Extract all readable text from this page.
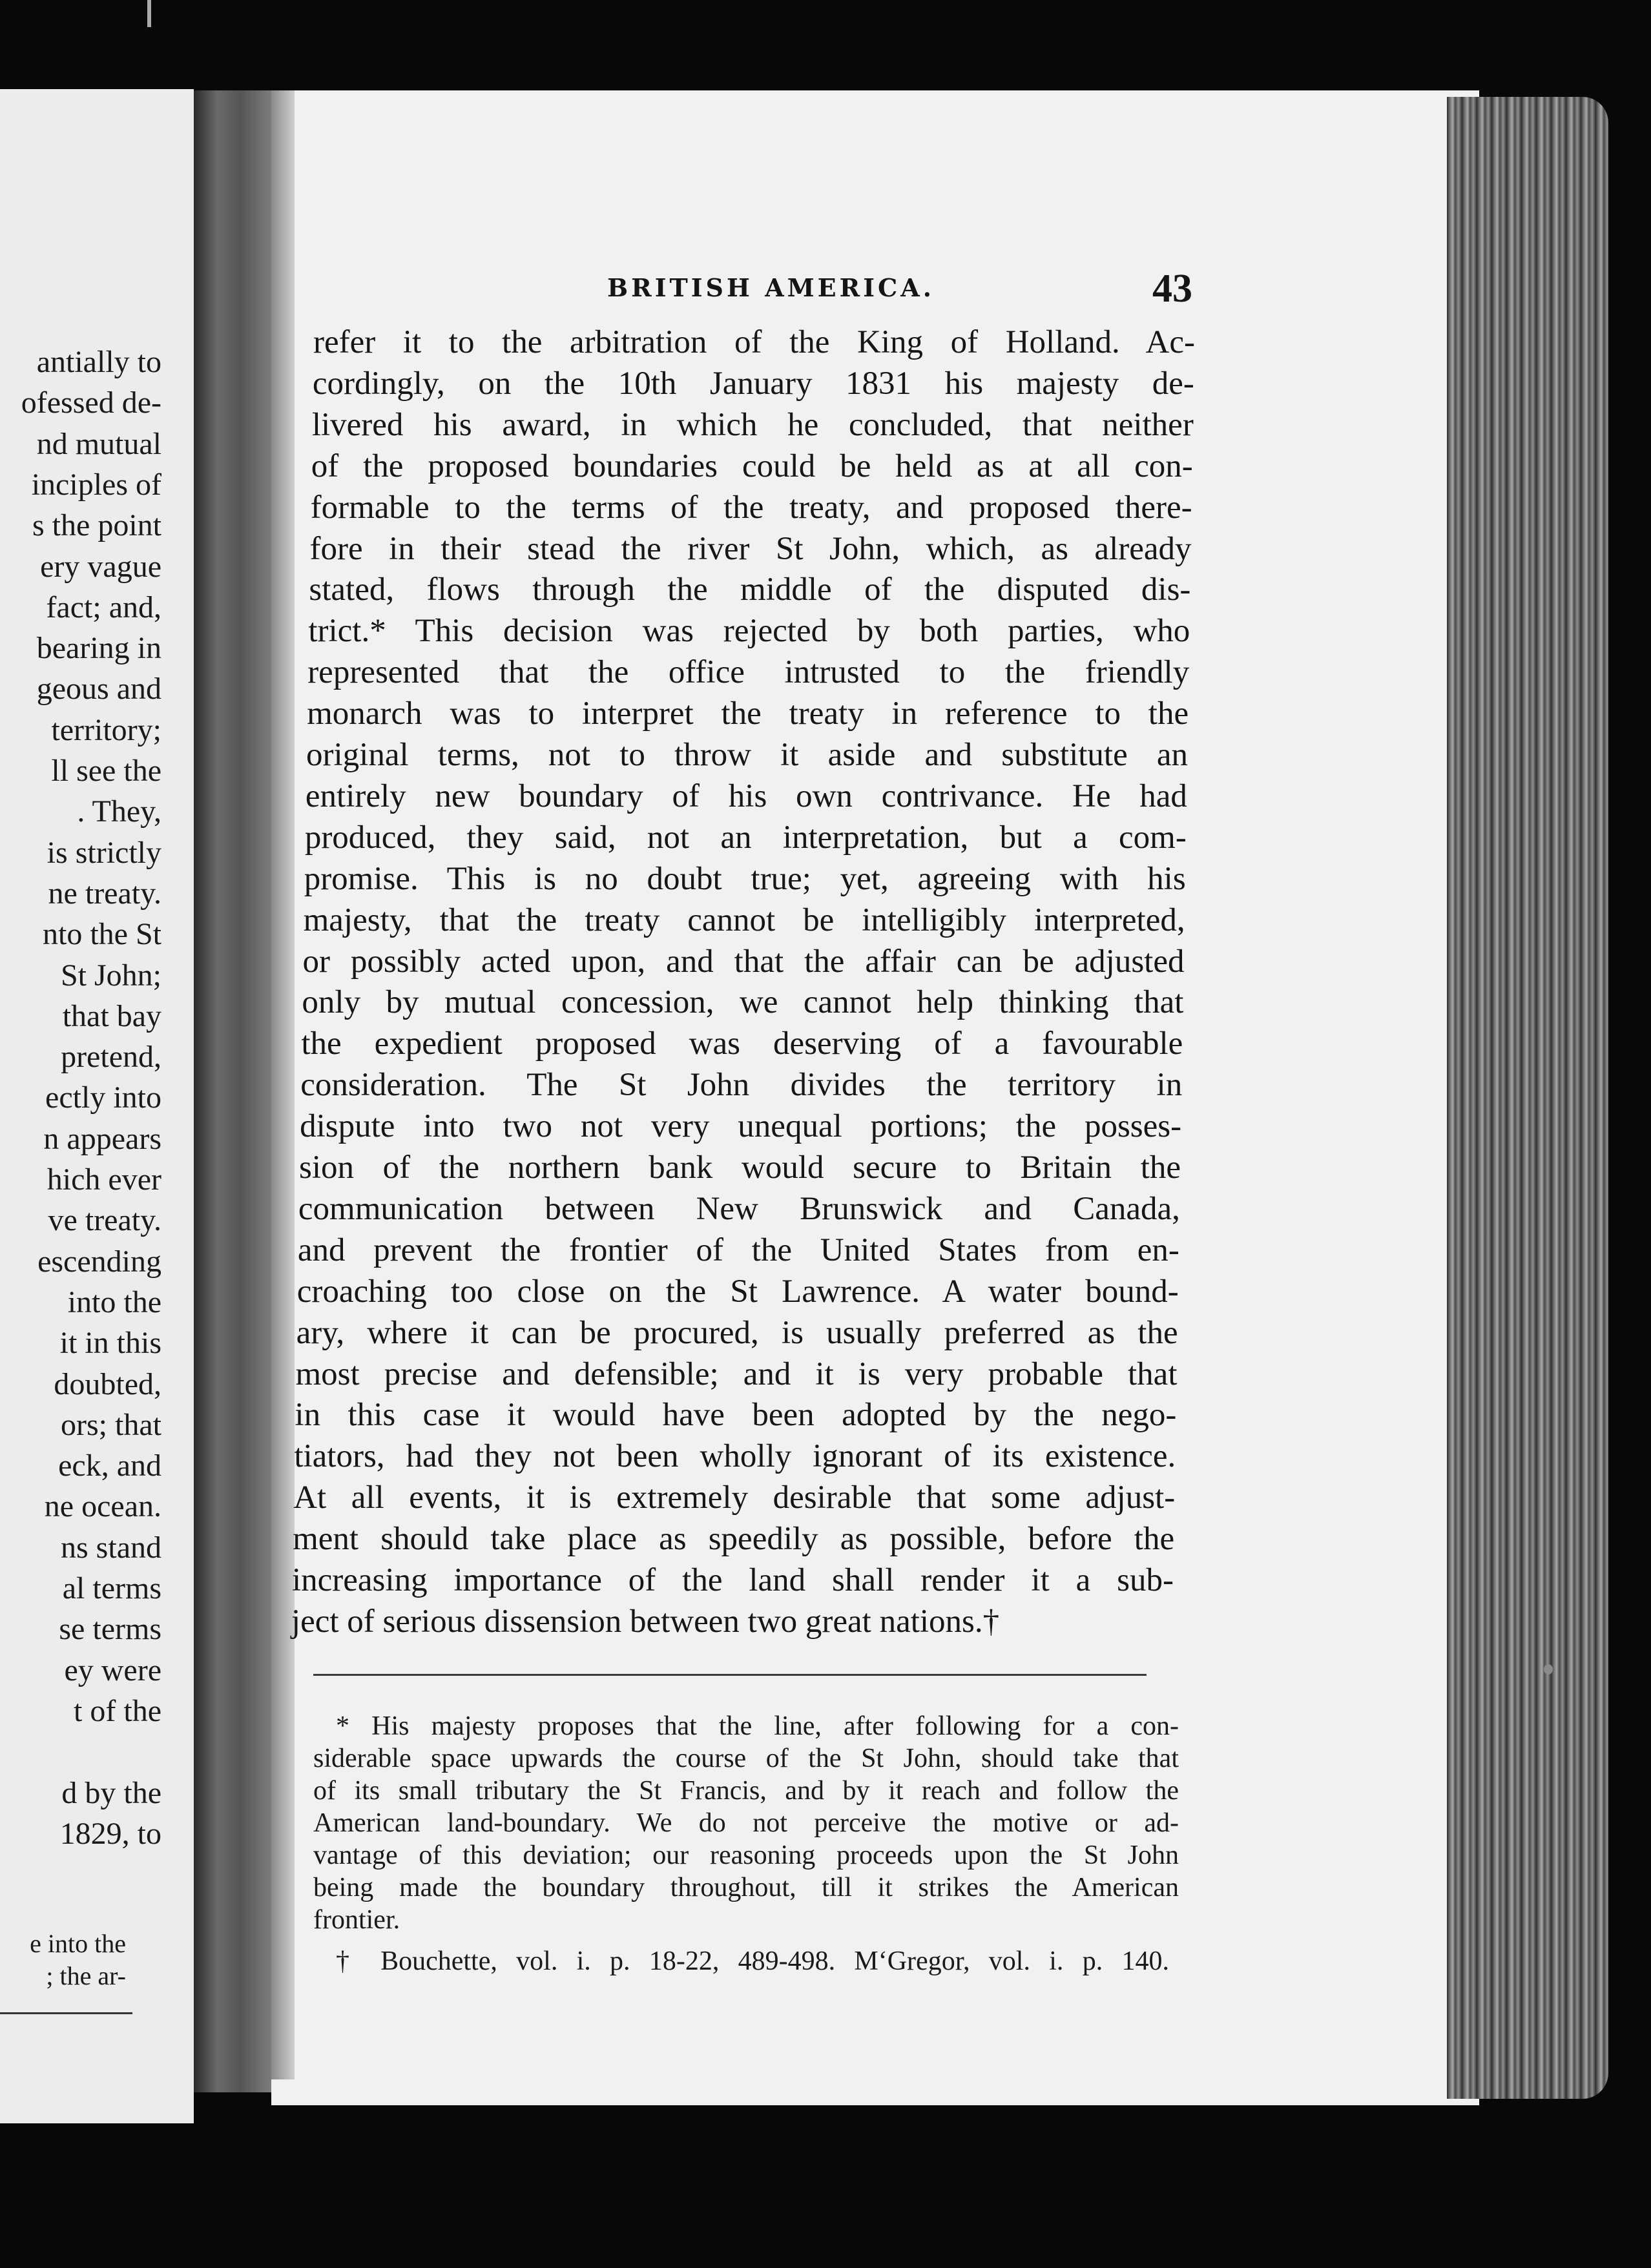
antially to
ofessed de-
nd mutual
inciples of
s the point
ery vague
fact; and,
bearing in
geous and
territory;
ll see the
. They,
is strictly
ne treaty.
nto the St
St John;
that bay
pretend,
ectly into
n appears
hich ever
ve treaty.
escending
into the
it in this
doubted,
ors; that
eck, and
ne ocean.
ns stand
al terms
se terms
ey were
t of the
d by the
1829, to
e into the
; the ar-
BRITISH AMERICA.	43
refer it to the arbitration of the King of Holland. Ac-
cordingly, on the 10th January 1831 his majesty de-
livered his award, in which he concluded, that neither
of the proposed boundaries could be held as at all con-
formable to the terms of the treaty, and proposed there-
fore in their stead the river St John, which, as already
stated, flows through the middle of the disputed dis-
trict.* This decision was rejected by both parties, who
represented that the office intrusted to the friendly
monarch was to interpret the treaty in reference to the
original terms, not to throw it aside and substitute an
entirely new boundary of his own contrivance. He had
produced, they said, not an interpretation, but a com-
promise. This is no doubt true; yet, agreeing with his
majesty, that the treaty cannot be intelligibly interpreted,
or possibly acted upon, and that the affair can be adjusted
only by mutual concession, we cannot help thinking that
the expedient proposed was deserving of a favourable
consideration. The St John divides the territory in
dispute into two not very unequal portions; the posses-
sion of the northern bank would secure to Britain the
communication between New Brunswick and Canada,
and prevent the frontier of the United States from en-
croaching too close on the St Lawrence. A water bound-
ary, where it can be procured, is usually preferred as the
most precise and defensible; and it is very probable that
in this case it would have been adopted by the nego-
tiators, had they not been wholly ignorant of its existence.
At all events, it is extremely desirable that some adjust-
ment should take place as speedily as possible, before the
increasing importance of the land shall render it a sub-
ject of serious dissension between two great nations.†
* His majesty proposes that the line, after following for a con-
siderable space upwards the course of the St John, should take that
of its small tributary the St Francis, and by it reach and follow the
American land-boundary. We do not perceive the motive or ad-
vantage of this deviation; our reasoning proceeds upon the St John
being made the boundary throughout, till it strikes the American
frontier.
† Bouchette, vol. i. p. 18-22, 489-498. M‘Gregor, vol. i. p. 140.
